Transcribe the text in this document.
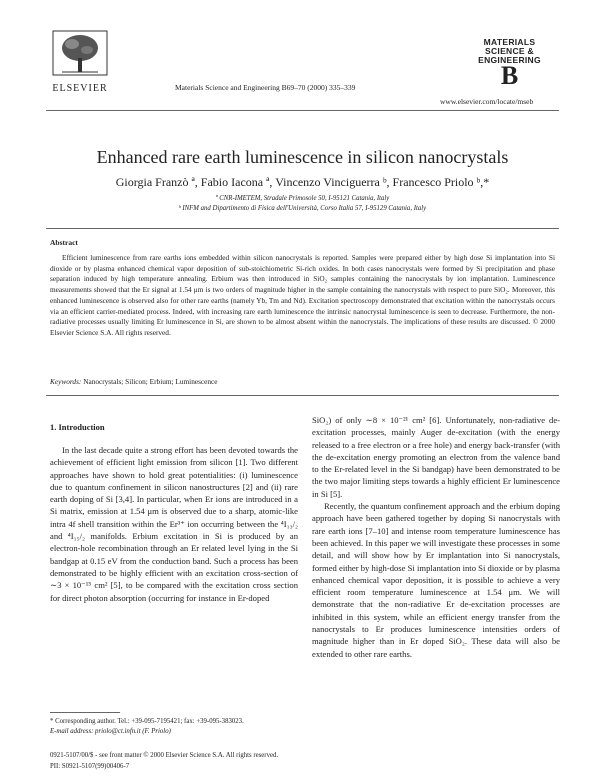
ELSEVIER	Materials Science and Engineering B69–70 (2000) 335–339
MATERIALS
SCIENCE &
ENGINEERING
B
www.elsevier.com/locate/mseb
Enhanced rare earth luminescence in silicon nanocrystals
Giorgia Franzò ª, Fabio Iacona ª, Vincenzo Vinciguerra ᵇ, Francesco Priolo ᵇ,*
ª CNR-IMETEM, Stradale Primosole 50, I-95121 Catania, Italy
ᵇ INFM and Dipartimento di Fisica dell'Università, Corso Italia 57, I-95129 Catania, Italy
Abstract
Efficient luminescence from rare earths ions embedded within silicon nanocrystals is reported. Samples were prepared either by high dose Si implantation into Si dioxide or by plasma enhanced chemical vapor deposition of sub-stoichiometric Si-rich oxides. In both cases nanocrystals were formed by Si precipitation and phase separation induced by high temperature annealing. Erbium was then introduced in SiO₂ samples containing the nanocrystals by ion implantation. Luminescence measurements showed that the Er signal at 1.54 μm is two orders of magnitude higher in the sample containing the nanocrystals with respect to pure SiO₂. Moreover, this enhanced luminescence is observed also for other rare earths (namely Yb, Tm and Nd). Excitation spectroscopy demonstrated that excitation within the nanocrystals occurs via an efficient carrier-mediated process. Indeed, with increasing rare earth luminescence the intrinsic nanocrystal luminescence is seen to decrease. Furthermore, the non-radiative processes usually limiting Er luminescence in Si, are shown to be almost absent within the nanocrystals. The implications of these results are discussed. © 2000 Elsevier Science S.A. All rights reserved.
Keywords: Nanocrystals; Silicon; Erbium; Luminescence
1. Introduction

In the last decade quite a strong effort has been devoted towards the achievement of efficient light emission from silicon [1]. Two different approaches have shown to hold great potentialities: (i) luminescence due to quantum confinement in silicon nanostructures [2] and (ii) rare earth doping of Si [3,4]. In particular, when Er ions are introduced in a Si matrix, emission at 1.54 μm is observed due to a sharp, atomic-like intra 4f shell transition within the Er³⁺ ion occurring between the ⁴I₁₃/₂ and ⁴I₁₅/₂ manifolds. Erbium excitation in Si is produced by an electron-hole recombination through an Er related level lying in the Si bandgap at 0.15 eV from the conduction band. Such a process has been demonstrated to be highly efficient with an excitation cross-section of ∼3 × 10⁻¹⁵ cm² [5], to be compared with the excitation cross section for direct photon absorption (occurring for instance in Er-doped

SiO₂) of only ∼8 × 10⁻²¹ cm² [6]. Unfortunately, non-radiative de-excitation processes, mainly Auger de-excitation (with the energy released to a free electron or a free hole) and energy back-transfer (with the de-excitation energy promoting an electron from the valence band to the Er-related level in the Si bandgap) have been demonstrated to be the two major limiting steps towards a highly efficient Er luminescence in Si [5].

Recently, the quantum confinement approach and the erbium doping approach have been gathered together by doping Si nanocrystals with rare earth ions [7–10] and intense room temperature luminescence has been achieved. In this paper we will investigate these processes in some detail, and will show how by Er implantation into Si nanocrystals, formed either by high-dose Si implantation into Si dioxide or by plasma enhanced chemical vapor deposition, it is possible to achieve a very efficient room temperature luminescence at 1.54 μm. We will demonstrate that the non-radiative Er de-excitation processes are inhibited in this system, while an efficient energy transfer from the nanocrystals to Er produces luminescence intensities orders of magnitude higher than in Er doped SiO₂. These data will also be extended to other rare earths.

* Corresponding author. Tel.: +39-095-7195421; fax: +39-095-383023.
E-mail address: priolo@ct.infn.it (F. Priolo)
0921-5107/00/$ - see front matter © 2000 Elsevier Science S.A. All rights reserved.
PII: S0921-5107(99)00406-7
